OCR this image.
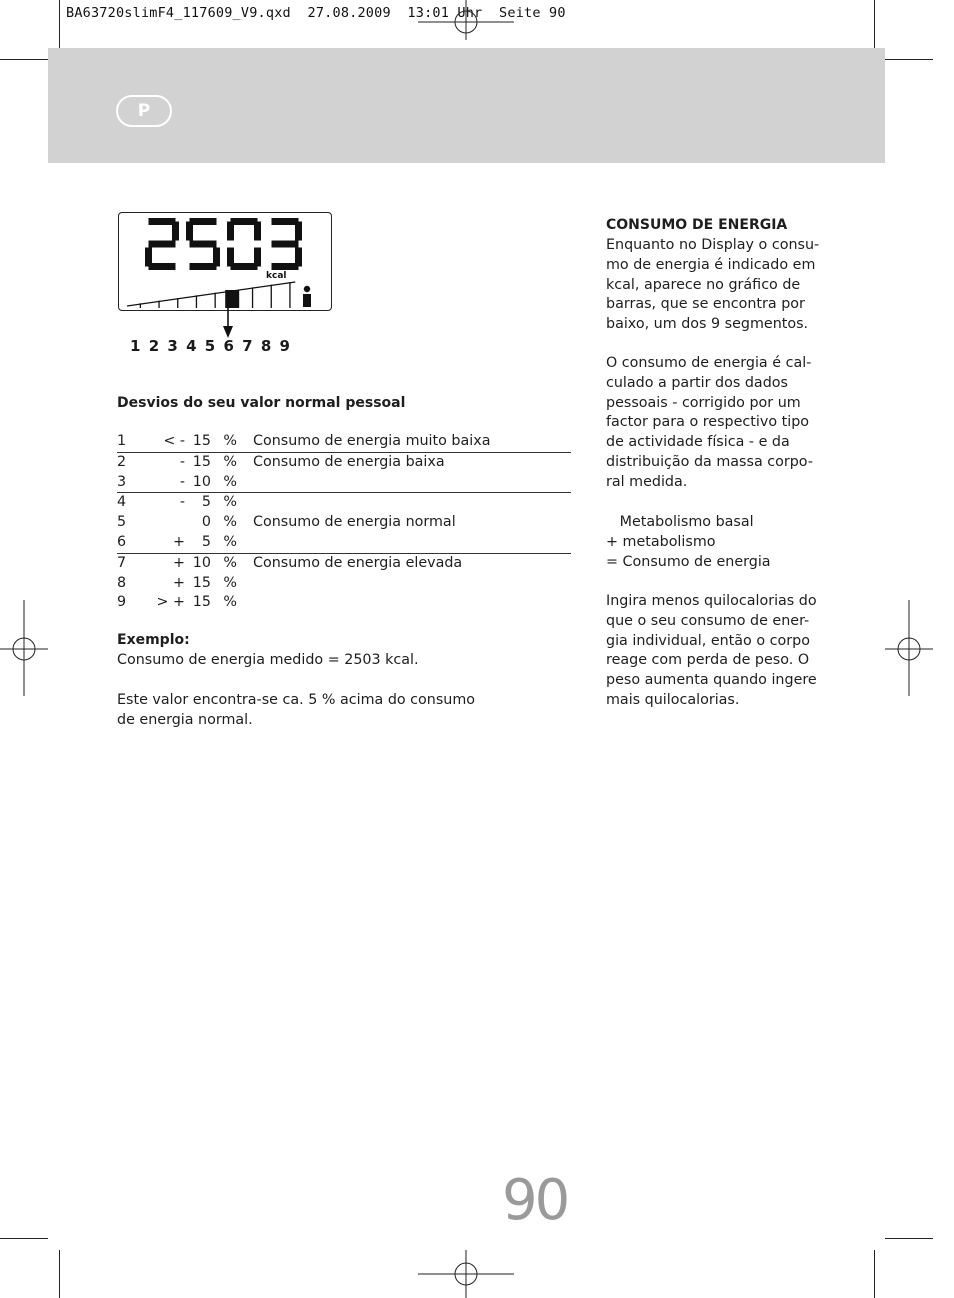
BA63720slimF4_117609_V9.qxd  27.08.2009  13:01 Uhr  Seite 90
P
kcal
1 2 3 4 5 6 7 8 9
Desvios do seu valor normal pessoal
1	< -	15	%	Consumo de energia muito baixa
2	-	15	%	Consumo de energia baixa
3	-	10	%	
4	-	5	%	
5		0	%	Consumo de energia normal
6	+	5	%	
7	+	10	%	Consumo de energia elevada
8	+	15	%	
9	> +	15	%	
Exemplo:
Consumo de energia medido = 2503 kcal.
Este valor encontra-se ca. 5 % acima do consumo
de energia normal.
CONSUMO DE ENERGIA
Enquanto no Display o consu-
mo de energia é indicado em
kcal, aparece no gráfico de
barras, que se encontra por
baixo, um dos 9 segmentos.
O consumo de energia é cal-
culado a partir dos dados
pessoais - corrigido por um
factor para o respectivo tipo
de actividade física - e da
distribuição da massa corpo-
ral medida.
Metabolismo basal
+ metabolismo
= Consumo de energia
Ingira menos quilocalorias do
que o seu consumo de ener-
gia individual, então o corpo
reage com perda de peso. O
peso aumenta quando ingere
mais quilocalorias.
90
